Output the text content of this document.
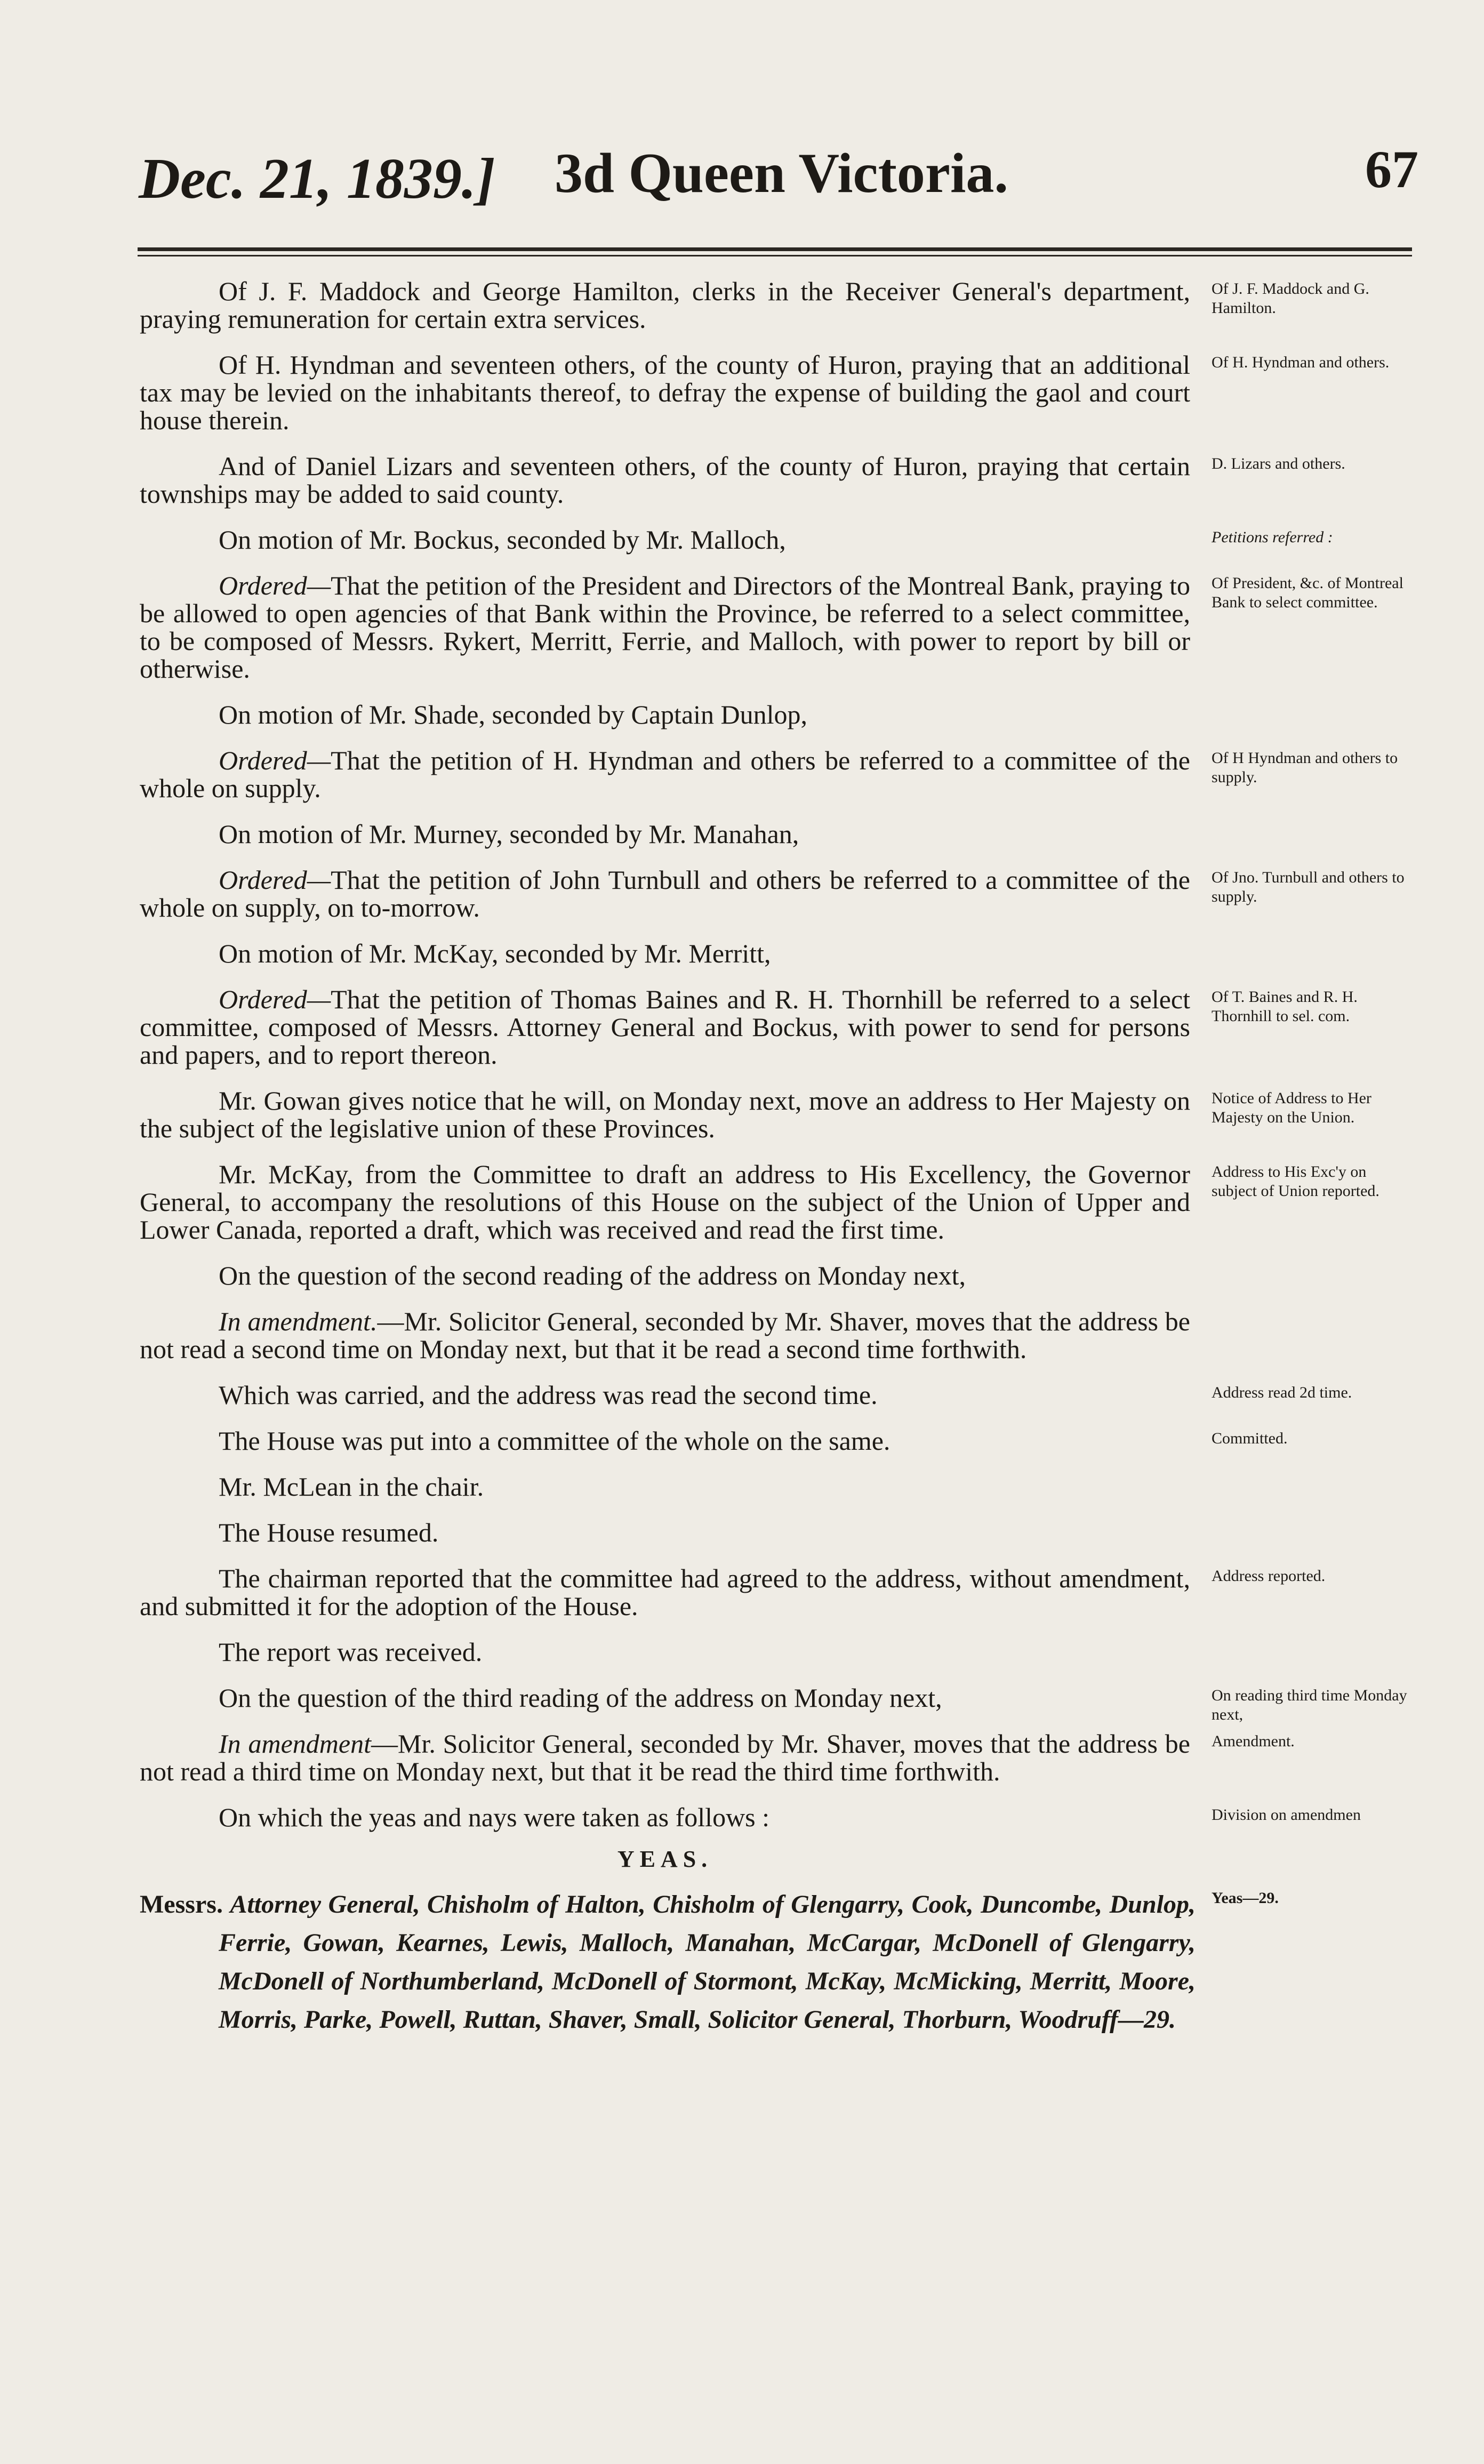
Dec. 21, 1839.] 3d Queen Victoria.	67
Of J. F. Maddock and George Hamilton, clerks in the Receiver General's department, praying remuneration for certain extra services.
Of J. F. Maddock and G. Hamilton.
Of H. Hyndman and seventeen others, of the county of Huron, praying that an additional tax may be levied on the inhabitants thereof, to defray the expense of building the gaol and court house therein.
Of H. Hyndman and others.
And of Daniel Lizars and seventeen others, of the county of Huron, praying that certain townships may be added to said county.
D. Lizars and others.
On motion of Mr. Bockus, seconded by Mr. Malloch,	Petitions referred :
Ordered—That the petition of the President and Directors of the Montreal Bank, praying to be allowed to open agencies of that Bank within the Province, be referred to a select committee, to be composed of Messrs. Rykert, Merritt, Ferrie, and Malloch, with power to report by bill or otherwise.
Of President, &c. of Montreal Bank to select committee.
On motion of Mr. Shade, seconded by Captain Dunlop,
Ordered—That the petition of H. Hyndman and others be referred to a committee of the whole on supply.
Of H Hyndman and others to supply.
On motion of Mr. Murney, seconded by Mr. Manahan,
Ordered—That the petition of John Turnbull and others be referred to a committee of the whole on supply, on to-morrow.
Of Jno. Turnbull and others to supply.
On motion of Mr. McKay, seconded by Mr. Merritt,
Ordered—That the petition of Thomas Baines and R. H. Thornhill be referred to a select committee, composed of Messrs. Attorney General and Bockus, with power to send for persons and papers, and to report thereon.
Of T. Baines and R. H. Thornhill to sel. com.
Mr. Gowan gives notice that he will, on Monday next, move an address to Her Majesty on the subject of the legislative union of these Provinces.
Notice of Address to Her Majesty on the Union.
Mr. McKay, from the Committee to draft an address to His Excellency, the Governor General, to accompany the resolutions of this House on the subject of the Union of Upper and Lower Canada, reported a draft, which was received and read the first time.
Address to His Exc'y on subject of Union reported.
On the question of the second reading of the address on Monday next,
In amendment.—Mr. Solicitor General, seconded by Mr. Shaver, moves that the address be not read a second time on Monday next, but that it be read a second time forthwith.
Which was carried, and the address was read the second time.	Address read 2d time.
The House was put into a committee of the whole on the same.	Committed.
Mr. McLean in the chair.
The House resumed.
The chairman reported that the committee had agreed to the address, without amendment, and submitted it for the adoption of the House.
Address reported.
The report was received.
On the question of the third reading of the address on Monday next,	On reading third time Monday next,
In amendment—Mr. Solicitor General, seconded by Mr. Shaver, moves that the address be not read a third time on Monday next, but that it be read the third time forthwith.
Amendment.
On which the yeas and nays were taken as follows :	Division on amendmen
YEAS.
Messrs. Attorney General, Chisholm of Halton, Chisholm of Glengarry, Cook, Duncombe, Dunlop, Ferrie, Gowan, Kearnes, Lewis, Malloch, Manahan, McCargar, McDonell of Glengarry, McDonell of Northumberland, McDonell of Stormont, McKay, McMicking, Merritt, Moore, Morris, Parke, Powell, Ruttan, Shaver, Small, Solicitor General, Thorburn, Woodruff—29.
Yeas—29.
